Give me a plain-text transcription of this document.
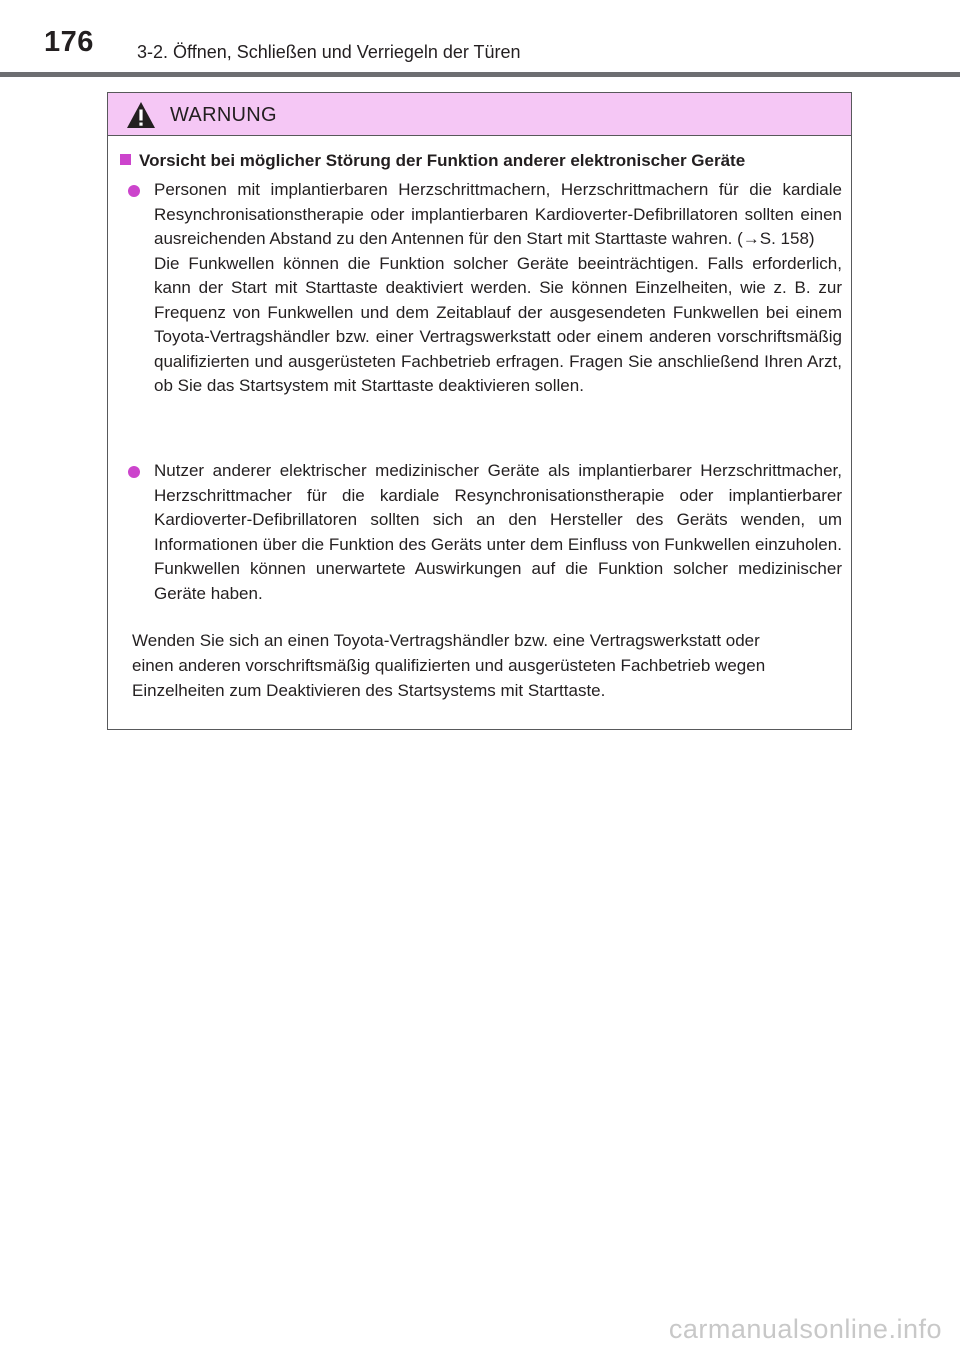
176 3-2. Öffnen, Schließen und Verriegeln der Türen
WARNUNG
Vorsicht bei möglicher Störung der Funktion anderer elektronischer Geräte

Personen mit implantierbaren Herzschrittmachern, Herzschrittmachern für die kardiale Resynchronisationstherapie oder implantierbaren Kardioverter-Defibrillatoren sollten einen ausreichenden Abstand zu den Antennen für den Start mit Starttaste wahren. (→S. 158)

Die Funkwellen können die Funktion solcher Geräte beeinträchtigen. Falls erforderlich, kann der Start mit Starttaste deaktiviert werden. Sie können Einzelheiten, wie z. B. zur Frequenz von Funkwellen und dem Zeitablauf der ausgesendeten Funkwellen bei einem Toyota-Vertragshändler bzw. einer Vertragswerkstatt oder einem anderen vorschriftsmäßig qualifizierten und ausgerüsteten Fachbetrieb erfragen. Fragen Sie anschließend Ihren Arzt, ob Sie das Startsystem mit Starttaste deaktivieren sollen.

Nutzer anderer elektrischer medizinischer Geräte als implantierbarer Herzschrittmacher, Herzschrittmacher für die kardiale Resynchronisationstherapie oder implantierbarer Kardioverter-Defibrillatoren sollten sich an den Hersteller des Geräts wenden, um Informationen über die Funktion des Geräts unter dem Einfluss von Funkwellen einzuholen.

Funkwellen können unerwartete Auswirkungen auf die Funktion solcher medizinischer Geräte haben.

Wenden Sie sich an einen Toyota-Vertragshändler bzw. eine Vertragswerkstatt oder
einen anderen vorschriftsmäßig qualifizierten und ausgerüsteten Fachbetrieb wegen
Einzelheiten zum Deaktivieren des Startsystems mit Starttaste.
carmanualsonline.info
